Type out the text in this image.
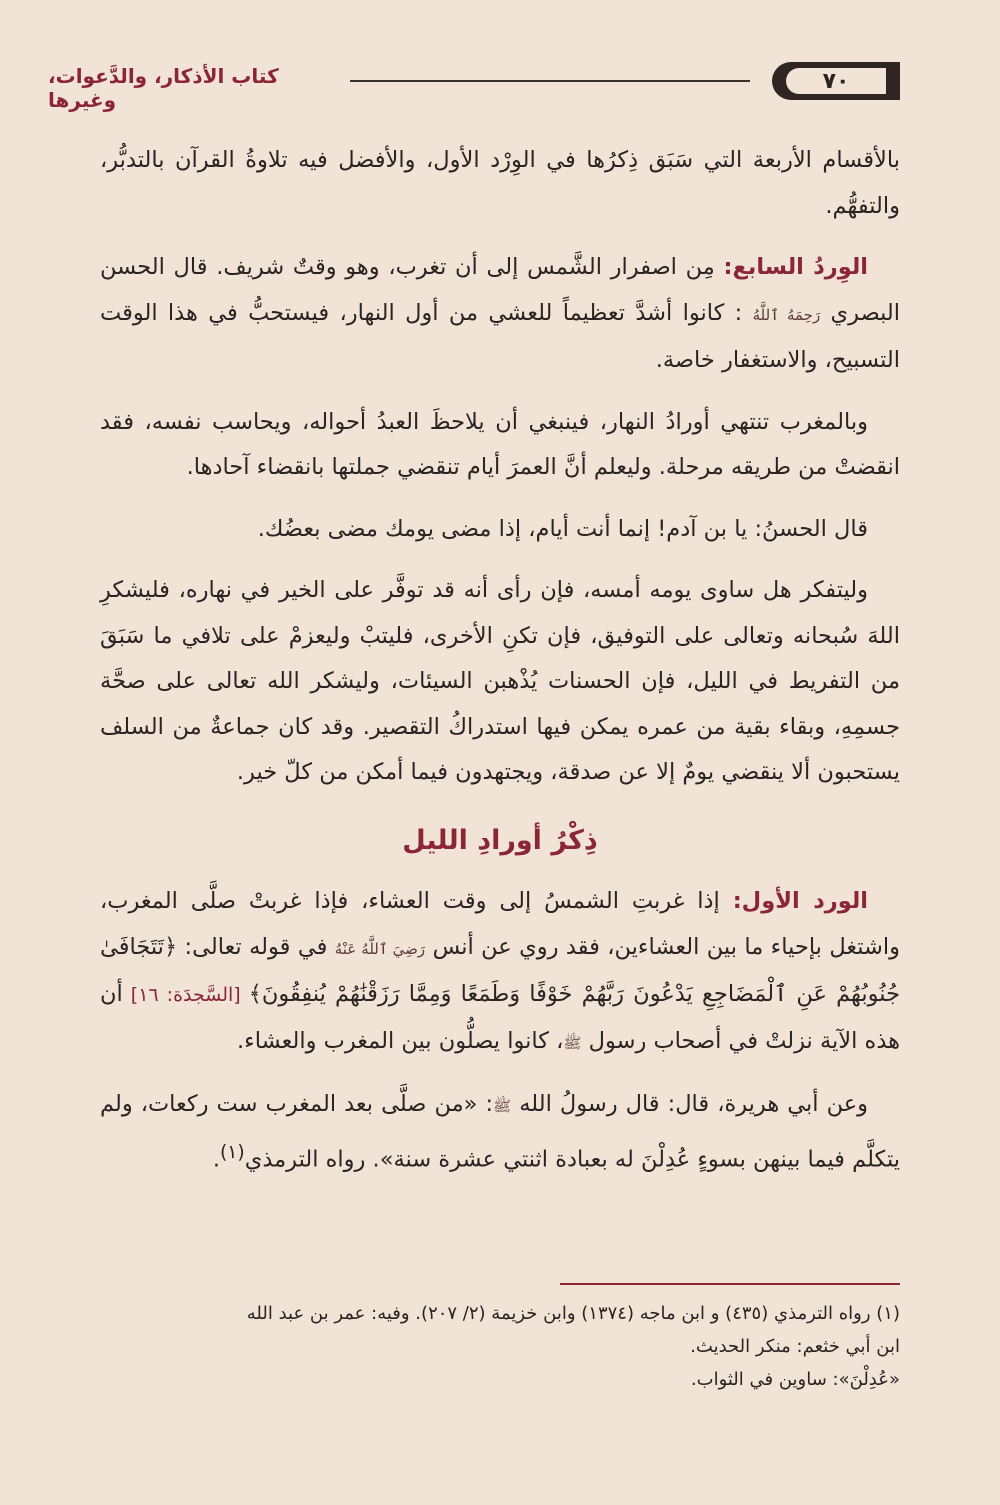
٧٠
كتاب الأذكار، والدَّعوات، وغيرها

بالأقسام الأربعة التي سَبَق ذِكرُها في الوِرْد الأول، والأفضل فيه تلاوةُ القرآن بالتدبُّر، والتفهُّم.

الوِردُ السابع: مِن اصفرار الشَّمس إلى أن تغرب، وهو وقتٌ شريف. قال الحسن البصري رَحِمَهُ ٱللَّهُ : كانوا أشدَّ تعظيماً للعشي من أول النهار، فيستحبُّ في هذا الوقت التسبيح، والاستغفار خاصة.

وبالمغرب تنتهي أورادُ النهار، فينبغي أن يلاحظَ العبدُ أحواله، ويحاسب نفسه، فقد انقضتْ من طريقه مرحلة. وليعلم أنَّ العمرَ أيام تنقضي جملتها بانقضاء آحادها.

قال الحسنُ: يا بن آدم! إنما أنت أيام، إذا مضى يومك مضى بعضُك.

وليتفكر هل ساوى يومه أمسه، فإن رأى أنه قد توفَّر على الخير في نهاره، فليشكرِ اللهَ سُبحانه وتعالى على التوفيق، فإن تكنِ الأخرى، فليتبْ وليعزمْ على تلافي ما سَبَقَ من التفريط في الليل، فإن الحسنات يُذْهبن السيئات، وليشكر الله تعالى على صحَّة جسمِهِ، وبقاء بقية من عمره يمكن فيها استدراكُ التقصير. وقد كان جماعةٌ من السلف يستحبون ألا ينقضي يومٌ إلا عن صدقة، ويجتهدون فيما أمكن من كلّ خير.

ذِكْرُ أورادِ الليل

الورد الأول: إذا غربتِ الشمسُ إلى وقت العشاء، فإذا غربتْ صلَّى المغرب، واشتغل بإحياء ما بين العشاءين، فقد روي عن أنس رَضِيَ ٱللَّهُ عَنْهُ في قوله تعالى: ﴿تَتَجَافَىٰ جُنُوبُهُمْ عَنِ ٱلْمَضَاجِعِ يَدْعُونَ رَبَّهُمْ خَوْفًا وَطَمَعًا وَمِمَّا رَزَقْنَٰهُمْ يُنفِقُونَ﴾ [السَّجدَة: ١٦] أن هذه الآية نزلتْ في أصحاب رسول ﷺ، كانوا يصلُّون بين المغرب والعشاء.

وعن أبي هريرة، قال: قال رسولُ الله ﷺ: «من صلَّى بعد المغرب ست ركعات، ولم يتكلَّم فيما بينهن بسوءٍ عُدِلْنَ له بعبادة اثنتي عشرة سنة». رواه الترمذي$^{(١)}$.

(١) رواه الترمذي (٤٣٥) و ابن ماجه (١٣٧٤) وابن خزيمة (٢/ ٢٠٧). وفيه: عمر بن عبد الله

ابن أبي خثعم: منكر الحديث.

«عُدِلْنَ»: ساوين في الثواب.
